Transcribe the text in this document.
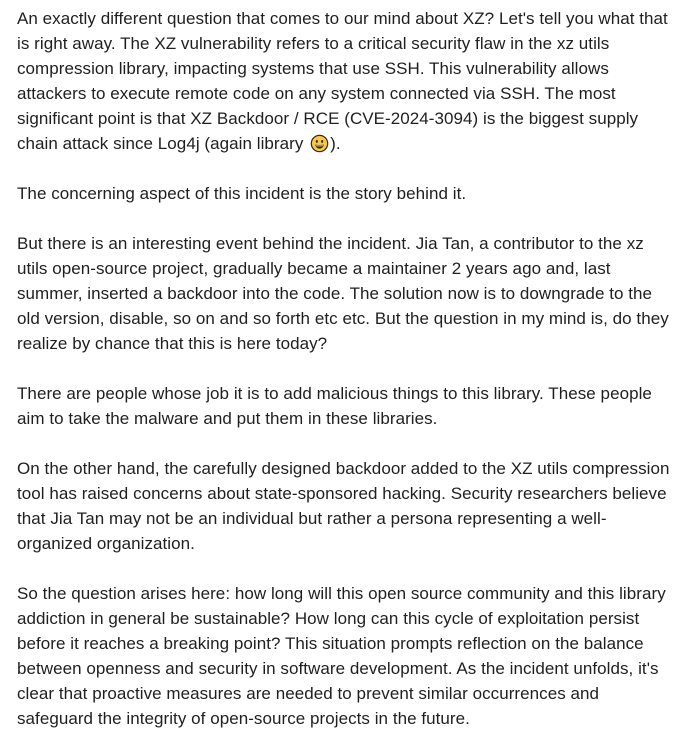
An exactly different question that comes to our mind about XZ? Let's tell you what that is right away. The XZ vulnerability refers to a critical security flaw in the xz utils compression library, impacting systems that use SSH. This vulnerability allows attackers to execute remote code on any system connected via SSH. The most significant point is that XZ Backdoor / RCE (CVE-2024-3094) is the biggest supply chain attack since Log4j (again library ).

The concerning aspect of this incident is the story behind it.

But there is an interesting event behind the incident. Jia Tan, a contributor to the xz utils open-source project, gradually became a maintainer 2 years ago and, last summer, inserted a backdoor into the code. The solution now is to downgrade to the old version, disable, so on and so forth etc etc. But the question in my mind is, do they realize by chance that this is here today?

There are people whose job it is to add malicious things to this library. These people aim to take the malware and put them in these libraries.

On the other hand, the carefully designed backdoor added to the XZ utils compression tool has raised concerns about state-sponsored hacking. Security researchers believe that Jia Tan may not be an individual but rather a persona representing a well-organized organization.

So the question arises here: how long will this open source community and this library addiction in general be sustainable? How long can this cycle of exploitation persist before it reaches a breaking point? This situation prompts reflection on the balance between openness and security in software development. As the incident unfolds, it's clear that proactive measures are needed to prevent similar occurrences and safeguard the integrity of open-source projects in the future.
